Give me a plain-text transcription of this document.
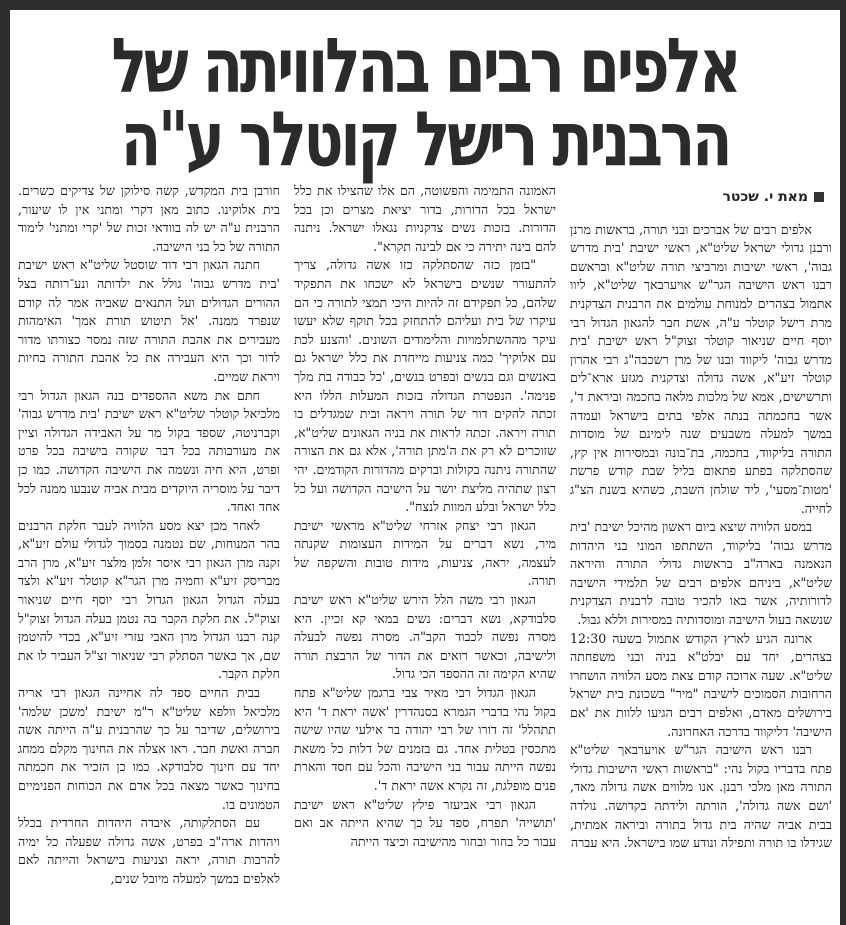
אלפים רבים בהלוויתה של
הרבנית רישל קוטלר ע"ה
מאת י. שכטר

אלפים רבים של אברכים ובני תורה, בראשות מרנן ורבנן גדולי ישראל שליט"א, ראשי ישיבת 'בית מדרש גבוה', ראשי ישיבות ומרביצי תורה שליט"א ובראשם רבנו ראש הישיבה הגר"ש אויערבאך שליט"א, ליוו אתמול בצהרים למנוחת עולמים את הרבנית הצדקנית מרת רישל קוטלר ע"ה, אשת חבר להגאון הגדול רבי יוסף חיים שניאור קוטלר זצוק"ל ראש ישיבת 'בית מדרש גבוה' ליקווד ובנו של מרן רשכבה"ג רבי אהרון קוטלר זיע"א, אשה גדולה וצדקנית מגזע ארא־לים ותרשישים, אמא של מלכות מלאה בחכמה וביראת ד', אשר בחכמתה בנתה אלפי בתים בישראל ועמדה במשך למעלה משבעים שנה לימינם של מוסדות התורה בליקווד, בחכמה, בת־בונה ובמסירות אין קץ, שהסתלקה בפתע פתאום בליל שבת קודש פרשת 'מטות־מסעי', ליד שולחן השבת, כשהיא בשנת הצ"ג לחייה.

במסע הלוויה שיצא ביום ראשון מהיכל ישיבת 'בית מדרש גבוה' בליקווד, השתתפו המוני בני היהדות הנאמנה בארה"ב בראשות גדולי התורה והיראה שליט"א, ביניהם אלפים רבים של תלמידי הישיבה לדורותיה, אשר באו להכיר טובה לרבנית הצדקנית שנשאה בעול הישיבה ומוסדותיה במסירות וללא גבול.

ארונה הגיע לארץ הקודש אתמול בשעה 12:30 בצהרים, יחד עם יבלט"א בניה ובני משפחתה שליט"א. שעה ארוכה קודם צאת מסע הלוויה הושחרו הרחובות הסמוכים לישיבת "מיר" בשכונת בית ישראל בירושלים מאדם, ואלפים רבים הגיעו ללוות את 'אם הישיבה' דליקווד בדרכה האחרונה.

רבנו ראש הישיבה הגר"ש אויערבאך שליט"א פתח בדבריו בקול נהי: "בראשות ראשי הישיבות גדולי התורה מאן מלכי רבנן. אנו מלווים אשה גדולה מאד, 'ושם אשה גדולה', הורתה ולידתה בקדושה. נולדה בבית אביה שהיה בית גדול בתורה וביראה אמתית, שגידלו בו תורה ותפילה ונודע שמו בישראל. היא עברה

האמונה התמימה והפשוטה, הם אלו שהצילו את כלל ישראל בכל הדורות, בדור יציאת מצרים וכן בכל הדורות. בזכות נשים צדקניות נגאלו ישראל. ניתנה להם בינה יתירה כי אם לבינה תקרא".

"בזמן כזה שהסתלקה כזו אשה גדולה, צריך להתעורר שנשים בישראל לא ישכחו את התפקיד שלהם, כל תפקידם זה להיות היכי תמצי לתורה כי הם עיקרו של בית ועליהם להתחזק בכל תוקף שלא יעשו עיקר מההשתלמויות והלימודים השונים. 'והצנע לכת עם אלוקיך' כמה צניעות מייחדת את כלל ישראל גם באנשים וגם בנשים ובפרט בנשים, 'כל כבודה בת מלך פנימה'. הנפטרת הגדולה בזכות המעלות הללו היא זכתה להקים דור של תורה ויראה ובית שמגדלים בו תורה ויראה. זכתה לראות את בניה הגאונים שליט"א, שזוכרים לא רק את ה'מתן תורה', אלא גם את הצורה שהתורה ניתנה בקולות וברקים מהדורות הקודמים. יהי רצון שתהיה מליצת יושר על הישיבה הקדושה ועל כל כלל ישראל ובלע המוות לנצח".

הגאון רבי יצחק אזרחי שליט"א מראשי ישיבת מיר, נשא דברים על המידות העצומות שקנתה לעצמה, יראה, צניעות, מידות טובות והשקפה של תורה.

הגאון רבי משה הלל הירש שליט"א ראש ישיבת סלבודקא, נשא דברים: נשים במאי קא זכיין. היא מסרה נפשה לכבוד הקב"ה. מסרה נפשה לבעלה ולישיבה, וכאשר רואים את הדור של הרבצת תורה שהיא הקימה זה ההספד הכי גדול.

הגאון הגדול רבי מאיר צבי ברגמן שליט"א פתח בקול נהי בדברי הגמרא בסנהדרין 'אשה יראת ד' היא תתהלל' זה דורו של רבי יהודה בר אילעי שהיו שישה מתכסין בטלית אחד. גם בזמנים של דלות כל משאת נפשה הייתה עבור בני הישיבה והכל עם חסד והארת פנים מופלגת, זה נקרא אשה יראת ד'.

הגאון רבי אביעזר פילץ שליט"א ראש ישיבת 'תושייה' תפרח, ספד על כך שהיא הייתה אב ואם עבור כל בחור ובחור מהישיבה וכיצד הייתה

חורבן בית המקדש, קשה סילוקן של צדיקים כשרים. בית אלוקינו. כתוב מאן דקרי ומתני אין לו שיעור, הרבנית ע"ה יש לה בוודאי זכות של 'קרי ומתני' לימוד התורה של כל בני הישיבה.

חתנה הגאון רבי דוד שוסטל שליט"א ראש ישיבת 'בית מדרש גבוה' גולל את ילדותה ונע־רותה בצל ההורים הגדולים ועל התנאים שאביה אמר לה קודם שנפרד ממנה. 'אל תיטוש תורת אמך' האימהות מעבירים את אהבת התורה שזה נמסר כצורתו מדור לדור וכך היא העבירה את כל אהבת התורה בחיות ויראת שמיים.

חתם את משא ההספדים בנה הגאון הגדול רבי מלכיאל קוטלר שליט"א ראש ישיבת 'בית מדרש גבוה' וקברניטה, שספד בקול מר על האבידה הגדולה וציין את מעורבותה בכל דבר שקורה בישיבה בכל פרט ופרט, היא חיה ונשמה את הישיבה הקדושה. כמו כן דיבר על מוסריה היוקדים מבית אביה שנבעו ממנה לכל אחד ואחד.

לאחר מכן יצא מסע הלוויה לעבר חלקת הרבנים בהר המנוחות, שם נטמנה בסמוך לגדולי עולם זיע"א, זקנה מרן הגאון רבי איסר זלמן מלצר זיע"א, מרן הרב מבריסק זיע"א וחמיה מרן הגר"א קוטלר זיע"א ולצד בעלה הגדול הגאון הגדול רבי יוסף חיים שניאור זצוק"ל. את חלקת הקבר בה נטמן בעלה הגדול זצוק"ל קנה רבנו הגדול מרן האבי עזרי זיע"א, בכדי להיטמן שם, אך כאשר הסתלק רבי שניאור זצ"ל העביר לו את חלקת הקבר.

בבית החיים ספד לה אחיינה הגאון רבי אריה מלכיאל וולפא שליט"א ר"מ ישיבת 'משכן שלמה' בירושלים, שדיבר על כך שהרבנית ע"ה הייתה אשה חברה ואשת חבר. ראו אצלה את החינוך מקלם ממחג יחד עם חינוך סלבודקא. כמו כן הזכיר את חכמתה בחינוך כאשר מצאה בכל אדם את הכוחות הפנימיים הטמונים בו.

עם הסתלקותה, איבדה היהדות החרדית בכלל ויהדות ארה"ב בפרט, אשה גדולה שפעלה כל ימיה להרבות תורה, יראה וצניעות בישראל והייתה לאם לאלפים במשך למעלה מיובל שנים,
